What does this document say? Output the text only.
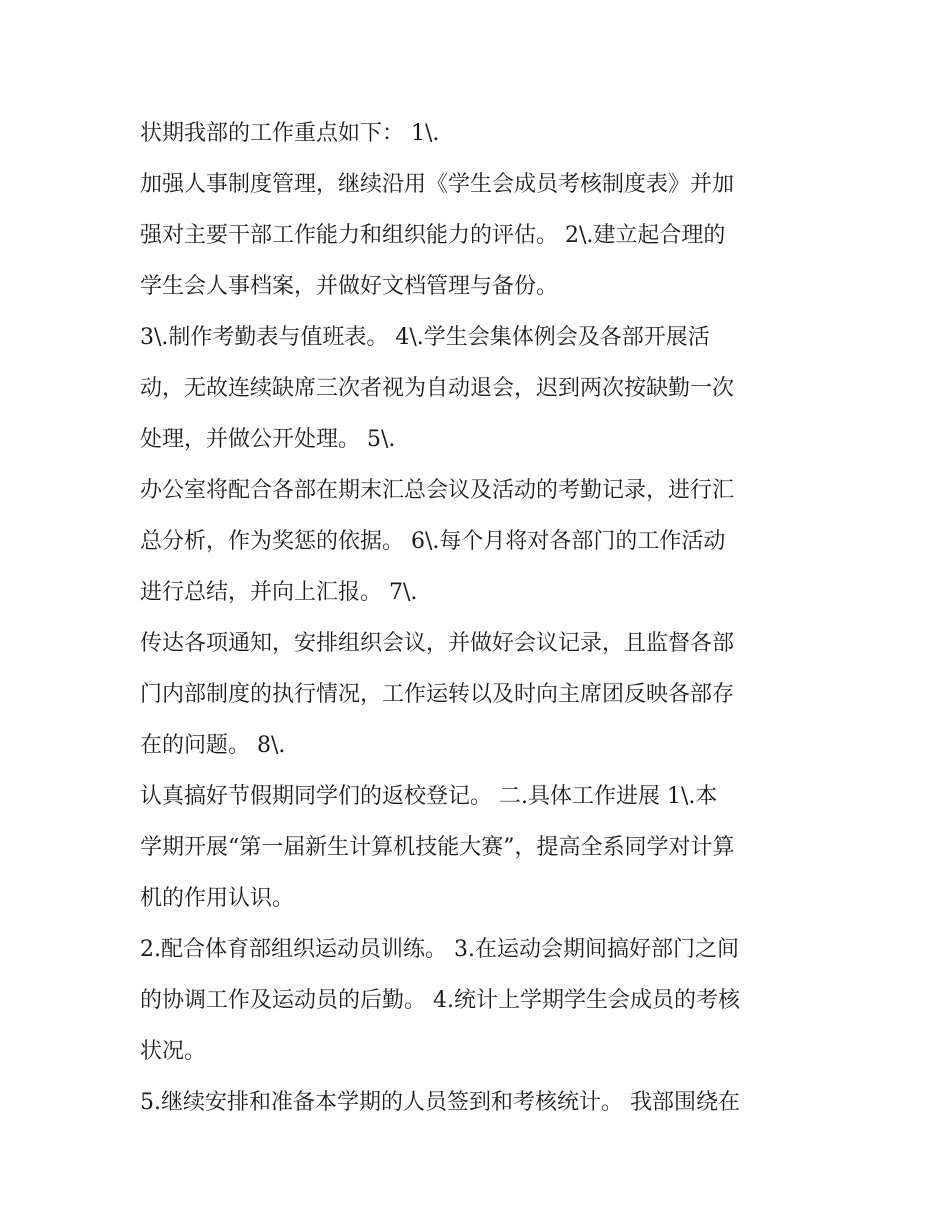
状期我部的工作重点如下： 1\.
加强人事制度管理，继续沿用《学生会成员考核制度表》并加
强对主要干部工作能力和组织能力的评估。 2\.建立起合理的
学生会人事档案，并做好文档管理与备份。
3\.制作考勤表与值班表。 4\.学生会集体例会及各部开展活
动，无故连续缺席三次者视为自动退会，迟到两次按缺勤一次
处理，并做公开处理。 5\.
办公室将配合各部在期末汇总会议及活动的考勤记录，进行汇
总分析，作为奖惩的依据。 6\.每个月将对各部门的工作活动
进行总结，并向上汇报。 7\.
传达各项通知，安排组织会议，并做好会议记录，且监督各部
门内部制度的执行情况，工作运转以及时向主席团反映各部存
在的问题。 8\.
认真搞好节假期同学们的返校登记。 二.具体工作进展 1\.本
学期开展“第一届新生计算机技能大赛”，提高全系同学对计算
机的作用认识。
2.配合体育部组织运动员训练。 3.在运动会期间搞好部门之间
的协调工作及运动员的后勤。 4.统计上学期学生会成员的考核
状况。
5.继续安排和准备本学期的人员签到和考核统计。 我部围绕在
